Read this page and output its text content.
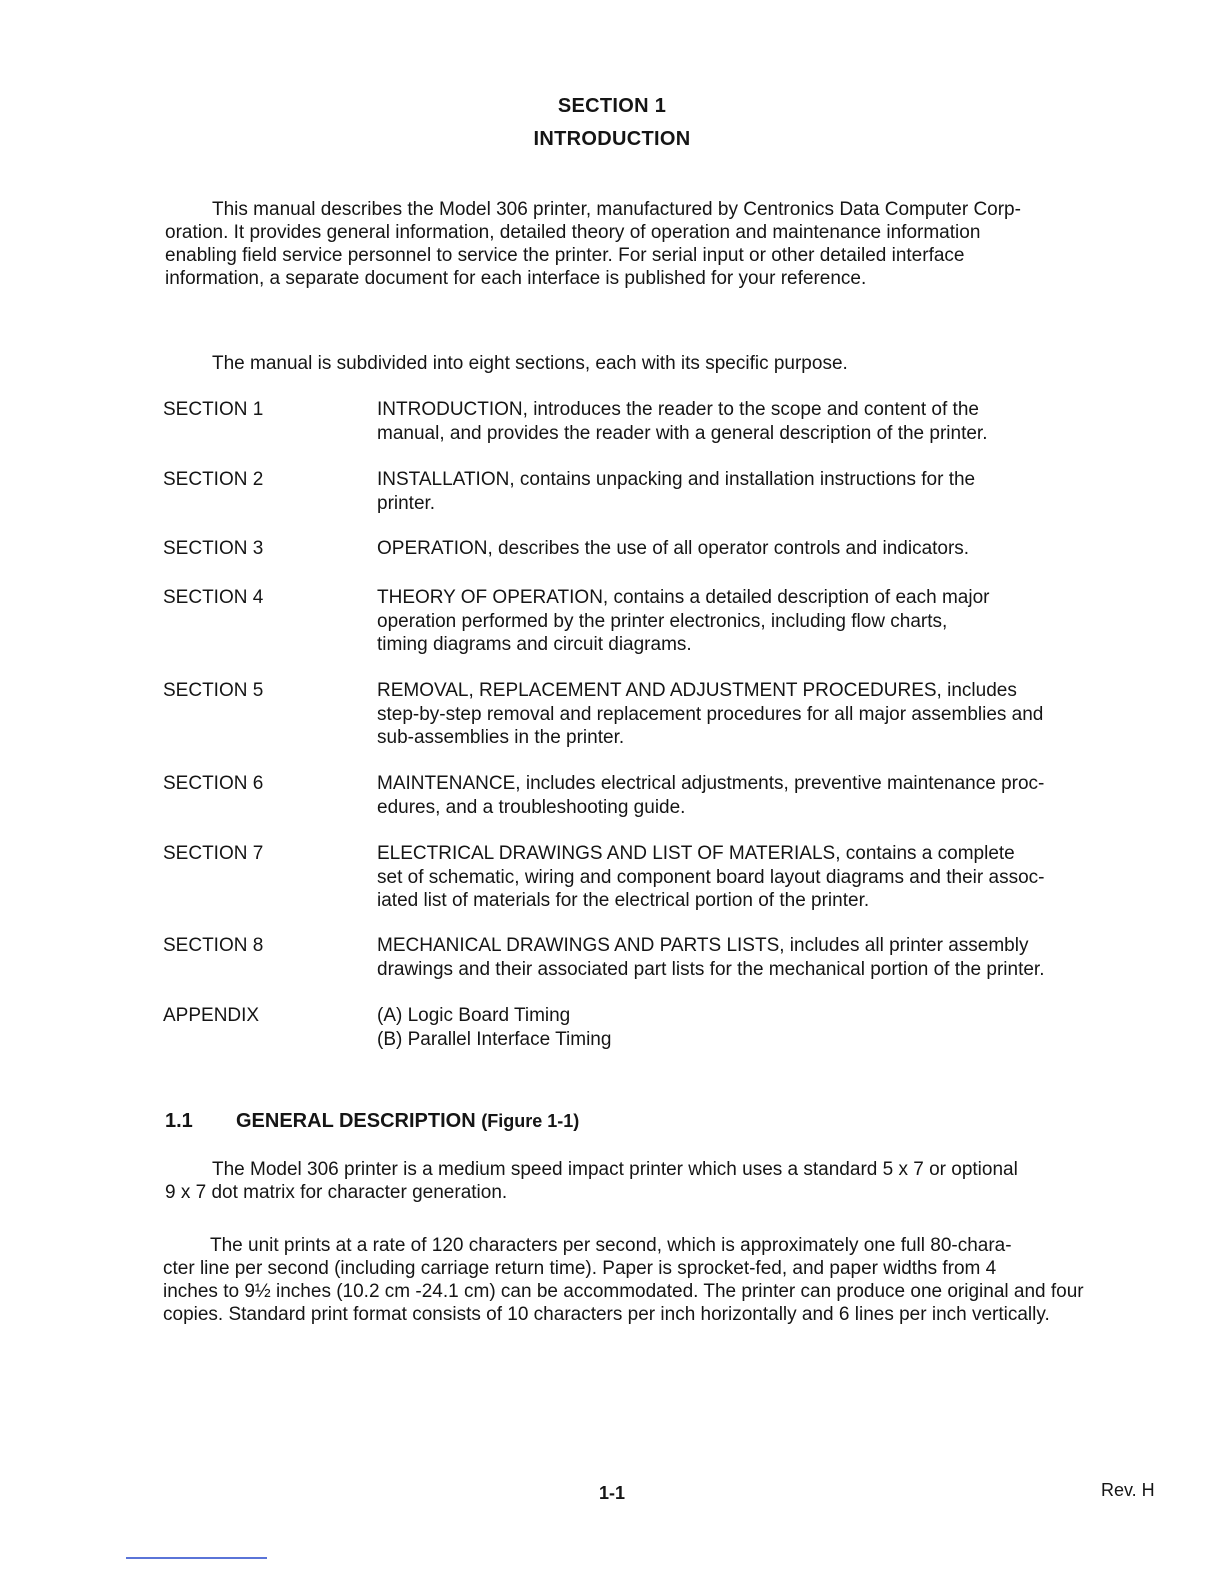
SECTION 1
INTRODUCTION
This manual describes the Model 306 printer, manufactured by Centronics Data Computer Corp-
oration. It provides general information, detailed theory of operation and maintenance information
enabling field service personnel to service the printer. For serial input or other detailed interface
information, a separate document for each interface is published for your reference.
The manual is subdivided into eight sections, each with its specific purpose.
SECTION 1	INTRODUCTION, introduces the reader to the scope and content of the
manual, and provides the reader with a general description of the printer.
SECTION 2	INSTALLATION, contains unpacking and installation instructions for the
printer.
SECTION 3	OPERATION, describes the use of all operator controls and indicators.
SECTION 4	THEORY OF OPERATION, contains a detailed description of each major
operation performed by the printer electronics, including flow charts,
timing diagrams and circuit diagrams.
SECTION 5	REMOVAL, REPLACEMENT AND ADJUSTMENT PROCEDURES, includes
step-by-step removal and replacement procedures for all major assemblies and
sub-assemblies in the printer.
SECTION 6	MAINTENANCE, includes electrical adjustments, preventive maintenance proc-
edures, and a troubleshooting guide.
SECTION 7	ELECTRICAL DRAWINGS AND LIST OF MATERIALS, contains a complete
set of schematic, wiring and component board layout diagrams and their assoc-
iated list of materials for the electrical portion of the printer.
SECTION 8	MECHANICAL DRAWINGS AND PARTS LISTS, includes all printer assembly
drawings and their associated part lists for the mechanical portion of the printer.
APPENDIX	(A) Logic Board Timing
(B) Parallel Interface Timing
1.1 GENERAL DESCRIPTION (Figure 1-1)
The Model 306 printer is a medium speed impact printer which uses a standard 5 x 7 or optional
9 x 7 dot matrix for character generation.
The unit prints at a rate of 120 characters per second, which is approximately one full 80-chara-
cter line per second (including carriage return time). Paper is sprocket-fed, and paper widths from 4
inches to 9½ inches (10.2 cm -24.1 cm) can be accommodated. The printer can produce one original and four
copies. Standard print format consists of 10 characters per inch horizontally and 6 lines per inch vertically.
1-1	Rev. H
